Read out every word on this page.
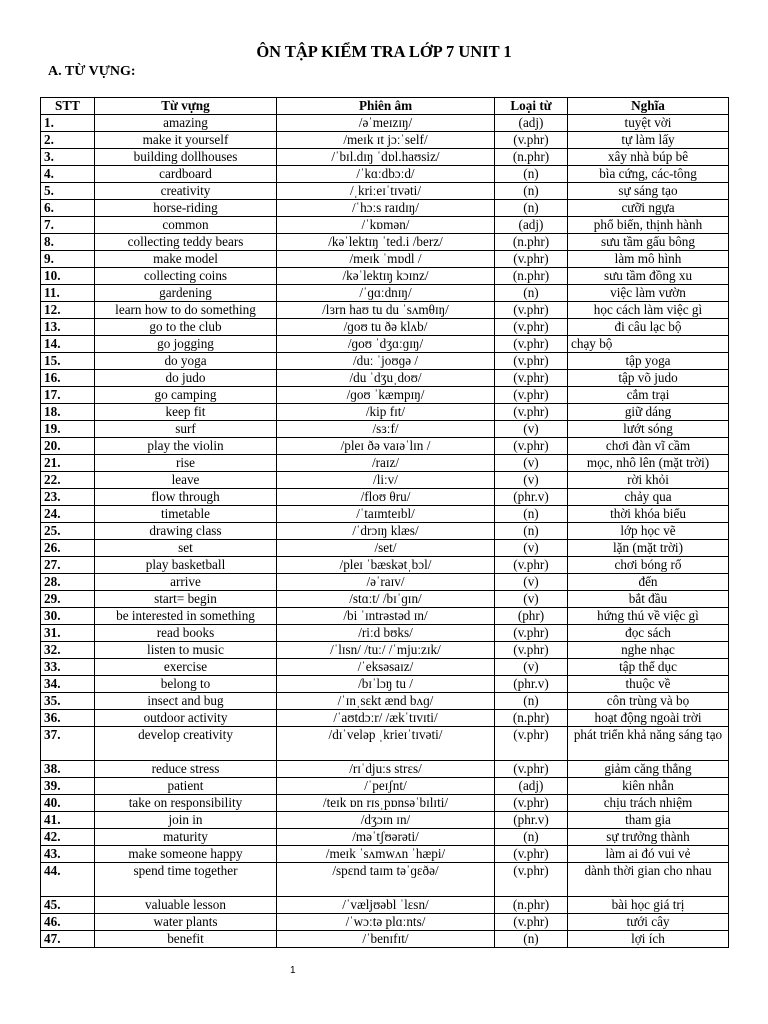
ÔN TẬP KIỂM TRA LỚP 7 UNIT 1
A. TỪ VỰNG:
STT	Từ vựng	Phiên âm	Loại từ	Nghĩa
1.	amazing	/əˈmeɪzɪŋ/	(adj)	tuyệt vời
2.	make it yourself	/meɪk ɪt jɔːˈself/	(v.phr)	tự làm lấy
3.	building dollhouses	/ˈbɪl.dɪŋ ˈdɒl.haʊsiz/	(n.phr)	xây nhà búp bê
4.	cardboard	/ˈkɑːdbɔːd/	(n)	bìa cứng, các-tông
5.	creativity	/ˌkriːeɪˈtɪvəti/	(n)	sự sáng tạo
6.	horse-riding	/ˈhɔːs raɪdɪŋ/	(n)	cưỡi ngựa
7.	common	/ˈkɒmən/	(adj)	phổ biến, thịnh hành
8.	collecting teddy bears	/kəˈlektɪŋ ˈted.i /berz/	(n.phr)	sưu tầm gấu bông
9.	make model	/meɪk ˈmɒdl /	(v.phr)	làm mô hình
10.	collecting coins	/kəˈlektɪŋ kɔɪnz/	(n.phr)	sưu tầm đồng xu
11.	gardening	/ˈɡɑːdnɪŋ/	(n)	việc làm vườn
12.	learn how to do something	/lɜrn haʊ tu du ˈsʌmθɪŋ/	(v.phr)	học cách làm việc gì
13.	go to the club	/ɡoʊ tu ðə klʌb/	(v.phr)	đi câu lạc bộ
14.	go jogging	/ɡoʊ ˈdʒɑːɡɪŋ/	(v.phr)	chạy bộ
15.	do yoga	/duː ˈjoʊɡə /	(v.phr)	tập yoga
16.	do judo	/du ˈdʒuˌdoʊ/	(v.phr)	tập võ judo
17.	go camping	/ɡoʊ ˈkæmpɪŋ/	(v.phr)	cắm trại
18.	keep fit	/kip fɪt/	(v.phr)	giữ dáng
19.	surf	/sɜːf/	(v)	lướt sóng
20.	play the violin	/pleɪ ðə vaɪəˈlɪn /	(v.phr)	chơi đàn vĩ cầm
21.	rise	/raɪz/	(v)	mọc, nhô lên (mặt trời)
22.	leave	/liːv/	(v)	rời khỏi
23.	flow through	/floʊ θru/	(phr.v)	chảy qua
24.	timetable	/ˈtaɪmteɪbl/	(n)	thời khóa biểu
25.	drawing class	/ˈdrɔɪŋ klæs/	(n)	lớp học vẽ
26.	set	/set/	(v)	lặn (mặt trời)
27.	play basketball	/pleɪ ˈbæskətˌbɔl/	(v.phr)	chơi bóng rổ
28.	arrive	/əˈraɪv/	(v)	đến
29.	start= begin	/stɑːt/ /bɪˈɡɪn/	(v)	bắt đầu
30.	be interested in something	/bi ˈɪntrəstəd ɪn/	(phr)	hứng thú về việc gì
31.	read books	/riːd bʊks/	(v.phr)	đọc sách
32.	listen to music	/ˈlɪsn/ /tuː/ /ˈmjuːzɪk/	(v.phr)	nghe nhạc
33.	exercise	/ˈeksəsaɪz/	(v)	tập thể dục
34.	belong to	/bɪˈlɔŋ tu /	(phr.v)	thuộc về
35.	insect and bug	/ˈɪnˌsɛkt ænd bʌɡ/	(n)	côn trùng và bọ
36.	outdoor activity	/ˈaʊtdɔːr/ /ækˈtɪvɪti/	(n.phr)	hoạt động ngoài trời
37.	develop creativity	/dɪˈveləp ˌkrieɪˈtɪvəti/	(v.phr)	phát triển khả năng sáng tạo
38.	reduce stress	/rɪˈdjuːs strɛs/	(v.phr)	giảm căng thẳng
39.	patient	/ˈpeɪʃnt/	(adj)	kiên nhẫn
40.	take on responsibility	/teɪk ɒn rɪsˌpɒnsəˈbɪlɪti/	(v.phr)	chịu trách nhiệm
41.	join in	/dʒɔɪn ɪn/	(phr.v)	tham gia
42.	maturity	/məˈtʃʊərəti/	(n)	sự trưởng thành
43.	make someone happy	/meɪk ˈsʌmwʌn ˈhæpi/	(v.phr)	làm ai đó vui vẻ
44.	spend time together	/spɛnd taɪm təˈɡɛðə/	(v.phr)	dành thời gian cho nhau
45.	valuable lesson	/ˈvæljʊəbl ˈlɛsn/	(n.phr)	bài học giá trị
46.	water plants	/ˈwɔːtə plɑːnts/	(v.phr)	tưới cây
47.	benefit	/ˈbenɪfɪt/	(n)	lợi ích
1
